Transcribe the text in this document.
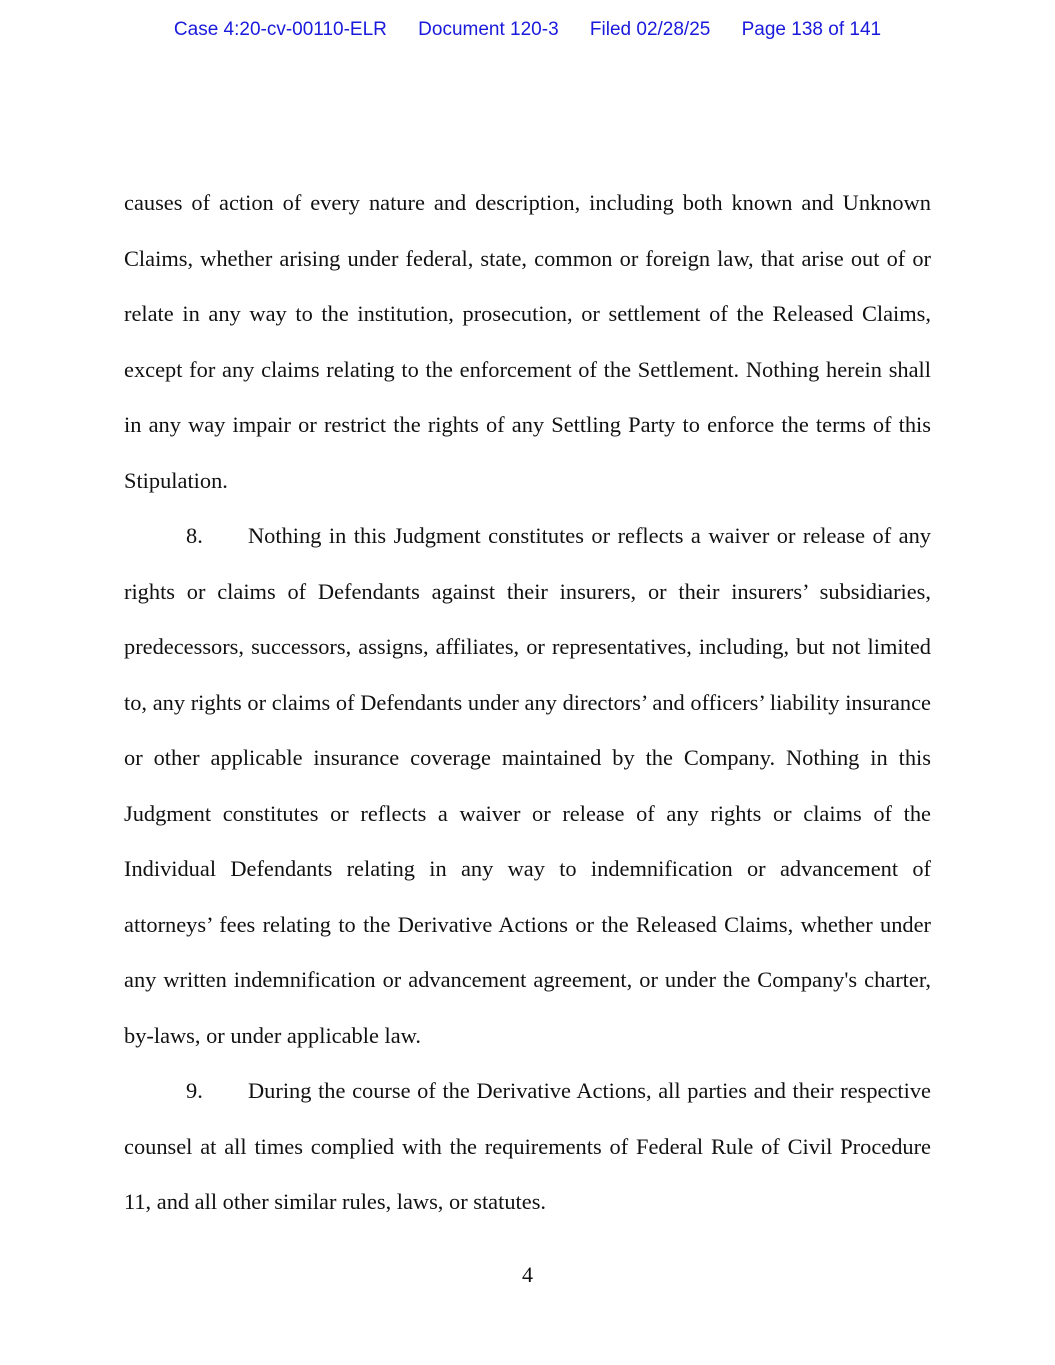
Case 4:20-cv-00110-ELR Document 120-3 Filed 02/28/25 Page 138 of 141

causes of action of every nature and description, including both known and Unknown Claims, whether arising under federal, state, common or foreign law, that arise out of or relate in any way to the institution, prosecution, or settlement of the Released Claims, except for any claims relating to the enforcement of the Settlement. Nothing herein shall in any way impair or restrict the rights of any Settling Party to enforce the terms of this Stipulation.

8. Nothing in this Judgment constitutes or reflects a waiver or release of any rights or claims of Defendants against their insurers, or their insurers’ subsidiaries, predecessors, successors, assigns, affiliates, or representatives, including, but not limited to, any rights or claims of Defendants under any directors’ and officers’ liability insurance or other applicable insurance coverage maintained by the Company. Nothing in this Judgment constitutes or reflects a waiver or release of any rights or claims of the Individual Defendants relating in any way to indemnification or advancement of attorneys’ fees relating to the Derivative Actions or the Released Claims, whether under any written indemnification or advancement agreement, or under the Company's charter, by-laws, or under applicable law.

9. During the course of the Derivative Actions, all parties and their respective counsel at all times complied with the requirements of Federal Rule of Civil Procedure 11, and all other similar rules, laws, or statutes.

4
